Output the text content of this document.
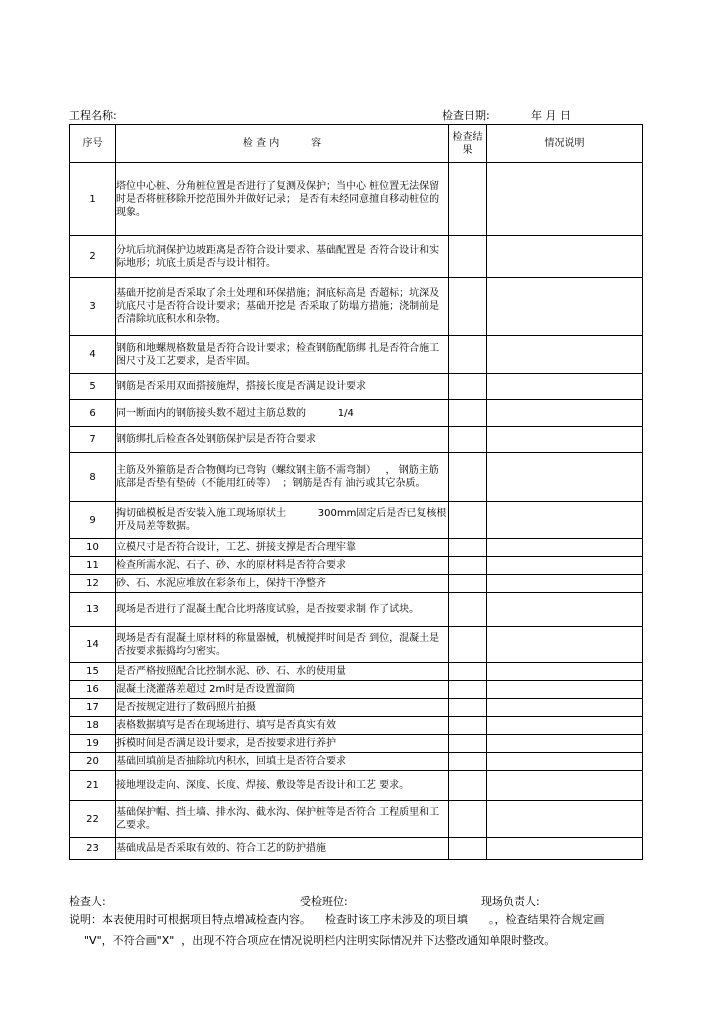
工程名称:	检查日期:	年 月 日
序号	检 查 内          容	检查结果	情况说明
1	塔位中心桩、分角桩位置是否进行了复测及保护；当中心 桩位置无法保留时是否将桩移除开挖范围外并做好记录； 是否有未经同意擅自移动桩位的现象。		
2	分坑后坑洞保护边坡距离是否符合设计要求、基础配置是 否符合设计和实际地形；坑底土质是否与设计相符。		
3	基础开挖前是否采取了余土处理和环保措施；洞底标高是 否超标；坑深及坑底尺寸是否符合设计要求；基础开挖是 否采取了防塌方措施；浇制前是否清除坑底积水和杂物。		
4	钢筋和地螺规格数量是否符合设计要求；检查钢筋配筋绑 扎是否符合施工图尺寸及工艺要求，是否牢固。		
5	钢筋是否采用双面搭接施焊，搭接长度是否满足设计要求		
6	同一断面内的钢筋接头数不超过主筋总数的          1/4		
7	钢筋绑扎后检查各处钢筋保护层是否符合要求		
8	主筋及外箍筋是否合物侧均已弯钩（螺纹钢主筋不需弯制）   ， 钢筋主筋底部是否垫有垫砖（不能用红砖等）  ；钢筋是否有 油污或其它杂质。		
9	掏切础模板是否安装入施工现场原状土          300mm固定后是否已复核根开及局差等数据。		
10	立模尺寸是否符合设计，工艺、拼接支撑是否合理牢靠		
11	检查所需水泥、石子、砂、水的原材料是否符合要求		
12	砂、石、水泥应堆放在彩条布上，保持干净整齐		
13	现场是否进行了混凝土配合比坍落度试验，是否按要求制 作了试块。		
14	现场是否有混凝土原材料的称量器械，机械搅拌时间是否 到位，混凝土是否按要求振捣均匀密实。		
15	是否严格按照配合比控制水泥、砂、石、水的使用量		
16	混凝土浇灌落差超过 2m时是否设置溜筒		
17	是否按规定进行了数码照片拍摄		
18	表格数据填写是否在现场进行、填写是否真实有效		
19	拆模时间是否满足设计要求，是否按要求进行养护		
20	基础回填前是否抽除坑内积水，回填土是否符合要求		
21	接地埋设走向、深度、长度、焊接、敷设等是否设计和工艺 要求。		
22	基础保护帽、挡土墙、排水沟、截水沟、保护桩等是否符合 工程质里和工乙要求。		
23	基础成品是否采取有效的、符合工艺的防护措施		
检查人:	受检班位:	现场负责人:
说明：本表使用时可根据项目特点增减检查内容。    检查时该工序未涉及的项目填      。，检查结果符合规定画
"V"，不符合画"X"  ，出现不符合项应在情况说明栏内注明实际情况并下达整改通知单限时整改。
